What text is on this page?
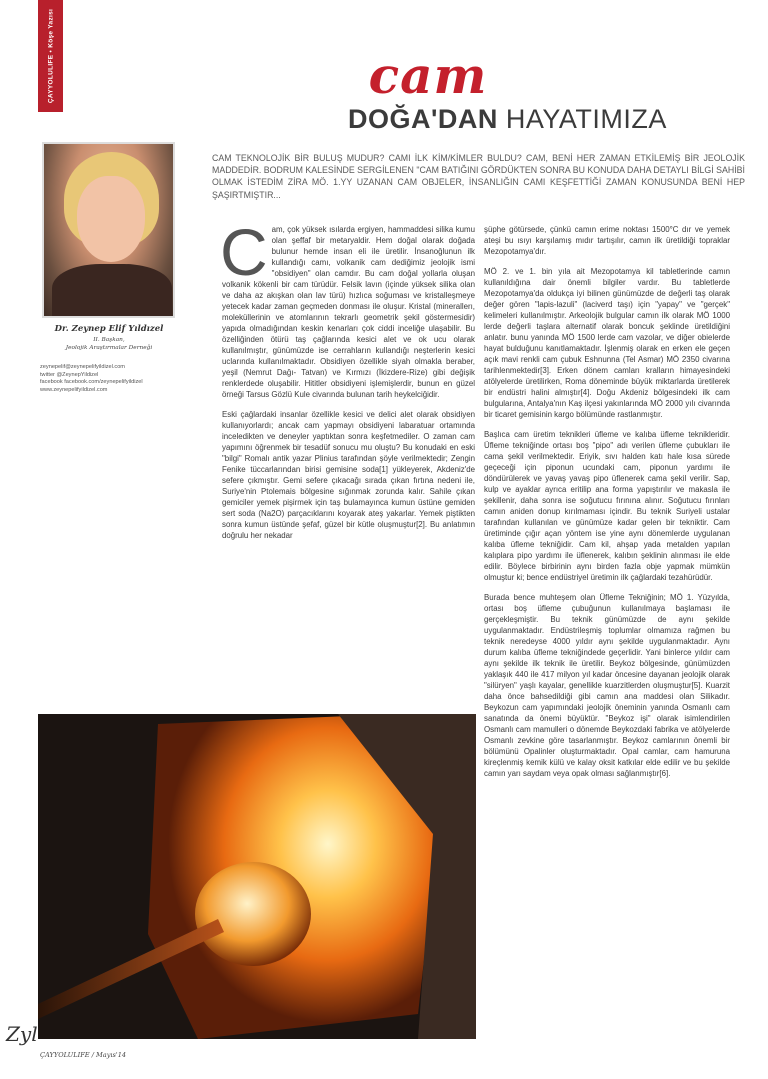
ÇAYYOLULIFE • Köşe Yazısı	cam
DOĞA'DAN HAYATIMIZA
CAM TEKNOLOJİK BİR BULUŞ MUDUR? CAMI İLK KİM/KİMLER BULDU? CAM, BENİ HER ZAMAN ETKİLEMİŞ BİR JEOLOJİK MADDEDİR. BODRUM KALESİNDE SERGİLENEN "CAM BATIĞINI GÖRDÜKTEN SONRA BU KONUDA DAHA DETAYLI BİLGİ SAHİBİ OLMAK İSTEDİM ZİRA MÖ. 1.YY UZANAN CAM OBJELER, İNSANLIĞIN CAMI KEŞFETTİĞİ ZAMAN KONUSUNDA BENİ HEP ŞAŞIRTMIŞTIR...
Dr. Zeynep Elif Yıldızel
II. Başkan,
Jeolojik Araştırmalar Derneği
zeynepelif@zeynepelifyildizel.com
twitter @ZeynepYildizel
facebook facebook.com/zeynepelifyildizel
www.zeynepelifyildizel.com

Cam, çok yüksek ısılarda ergiyen, hammaddesi silika kumu olan şeffaf bir metaryaldir. Hem doğal olarak doğada bulunur hemde insan eli ile üretilir. İnsanoğlunun ilk kullandığı camı, volkanik cam dediğimiz jeolojik ismi "obsidiyen" olan camdır. Bu cam doğal yollarla oluşan volkanik kökenli bir cam türüdür. Felsik lavın (içinde yüksek silika olan ve daha az akışkan olan lav türü) hızlıca soğuması ve kristalleşmeye yetecek kadar zaman geçmeden donması ile oluşur. Kristal (minerallerı, moleküllerinin ve atomlarının tekrarlı geometrik şekil göstermesidir) yapıda olmadığından keskin kenarları çok ciddi inceliğe ulaşabilir. Bu özelliğinden ötürü taş çağlarında kesici alet ve ok ucu olarak kullanılmıştır, günümüzde ise cerrahların kullandığı neşterlerin kesici uclarında kullanılmaktadır. Obsidiyen özellikle siyah olmakla beraber, yeşil (Nemrut Dağı- Tatvan) ve Kırmızı (İkizdere-Rize) gibi değişik renklerdede oluşabilir. Hititler obsidiyeni işlemişlerdir, bunun en güzel örneği Tarsus Gözlü Kule civarında bulunan tarih heykelciğidir.

Eski çağlardaki insanlar özellikle kesici ve delici alet olarak obsidiyen kullanıyorlardı; ancak cam yapmayı obsidiyeni labaratuar ortamında inceledikten ve deneyler yaptıktan sonra keşfetmediler. O zaman cam yapımını öğrenmek bir tesadüf sonucu mu oluştu? Bu konudaki en eski "bilgi" Romalı antik yazar Plinius tarafından şöyle verilmektedir; Zengin Fenike tüccarlarından birisi gemisine soda[1] yükleyerek, Akdeniz'de sefere çıkmıştır. Gemi sefere çıkacağı sırada çıkan fırtına nedeni ile, Suriye'nin Ptolemais bölgesine sığınmak zorunda kalır. Sahile çıkan gemiciler yemek pişirmek için taş bulamayınca kumun üstüne gemiden sert soda (Na2O) parçacıklarını koyarak ateş yakarlar. Yemek piştikten sonra kumun üstünde şefaf, güzel bir kütle oluşmuştur[2]. Bu anlatımın doğrulu her nekadar

şüphe götürsede, çünkü camın erime noktası 1500°C dır ve yemek ateşi bu ısıyı karşılamış mıdır tartışılır, camın ilk üretildiği topraklar Mezopotamya'dır.

MÖ 2. ve 1. bin yıla ait Mezopotamya kil tabletlerinde camın kullanıldığına dair önemli bilgiler vardır. Bu tabletlerde Mezopotamya'da oldukça iyi bilinen günümüzde de değerli taş olarak değer gören "lapis-lazuli" (laciverd taşı) için "yapay" ve "gerçek" kelimeleri kullanılmıştır. Arkeolojik bulgular camın ilk olarak MÖ 1000 lerde değerli taşlara alternatif olarak boncuk şeklinde üretildiğini anlatır. bunu yanında MÖ 1500 lerde cam vazolar, ve diğer obielerde hayat bulduğunu kanıtlamaktadır. İşlenmiş olarak en erken ele geçen açık mavi renkli cam çubuk Eshnunna (Tel Asmar) MÖ 2350 civarına tarihlenmektedir[3]. Erken dönem camları kralların himayesindeki atölyelerde üretilirken, Roma döneminde büyük miktarlarda üretilerek bir endüstri halini almıştır[4]. Doğu Akdeniz bölgesindeki ilk cam bulgularına, Antalya'nın Kaş ilçesi yakınlarında MÖ 2000 yılı civarında bir ticaret gemisinin kargo bölümünde rastlanmıştır.

Başlıca cam üretim teknikleri üfleme ve kalıba üfleme teknikleridir. Üfleme tekniğinde ortası boş "pipo" adı verilen üfleme çubukları ile cama şekil verilmektedir. Eriyik, sıvı halden katı hale kısa sürede geçeceği için piponun ucundaki cam, piponun yardımı ile döndürülerek ve yavaş yavaş pipo üflenerek cama şekil verilir. Sap, kulp ve ayaklar ayrıca eritilip ana forma yapıştırılır ve makasla ile şekillenir, daha sonra ise soğutucu fırınına alınır. Soğutucu fırınları camın aniden donup kırılmaması içindir. Bu teknik Suriyeli ustalar tarafından kullanılan ve günümüze kadar gelen bir tekniktir. Cam üretiminde çığır açan yöntem ise yine aynı dönemlerde uygulanan kalıba üfleme tekniğidir. Cam kil, ahşap yada metalden yapılan kalıplara pipo yardımı ile üflenerek, kalıbın şeklinin alınması ile elde edilir. Böylece birbirinin aynı birden fazla obje yapmak mümkün olmuştur ki; bence endüstriyel üretimin ilk çağlardaki tezahürüdür.

Burada bence muhteşem olan Üfleme Tekniğinin; MÖ 1. Yüzyılda, ortası boş üfleme çubuğunun kullanılmaya başlaması ile gerçekleşmiştir. Bu teknik günümüzde de aynı şekilde uygulanmaktadır. Endüstrileşmiş toplumlar olmamıza rağmen bu teknik neredeyse 4000 yıldır aynı şekilde uygulanmaktadır. Aynı durum kalıba üfleme tekniğindede geçerlidir. Yani binlerce yıldır cam aynı şekilde ilk teknik ile üretilir. Beykoz bölgesinde, günümüzden yaklaşık 440 ile 417 milyon yıl kadar öncesine dayanan jeolojik olarak "silüryen" yaşlı kayalar, genellikle kuarzitlerden oluşmuştur[5]. Kuarzit daha önce bahsedildiği gibi camın ana maddesi olan Silikadır. Beykozun cam yapımındaki jeolojik öneminin yanında Osmanlı cam sanatında da önemi büyüktür. "Beykoz işi" olarak isimlendirilen Osmanlı cam mamulleri o dönemde Beykozdaki fabrika ve atölyelerde Osmanlı zevkine göre tasarlanmıştır. Beykoz camlarının önemli bir bölümünü Opalinler oluşturmaktadır. Opal camlar, cam hamuruna kireçlenmiş kemik külü ve kalay oksit katkılar elde edilir ve bu şekilde camın yarı saydam veya opak olması sağlanmıştır[6].

ÇAYYOLULIFE / Mayıs'14
Zyl
